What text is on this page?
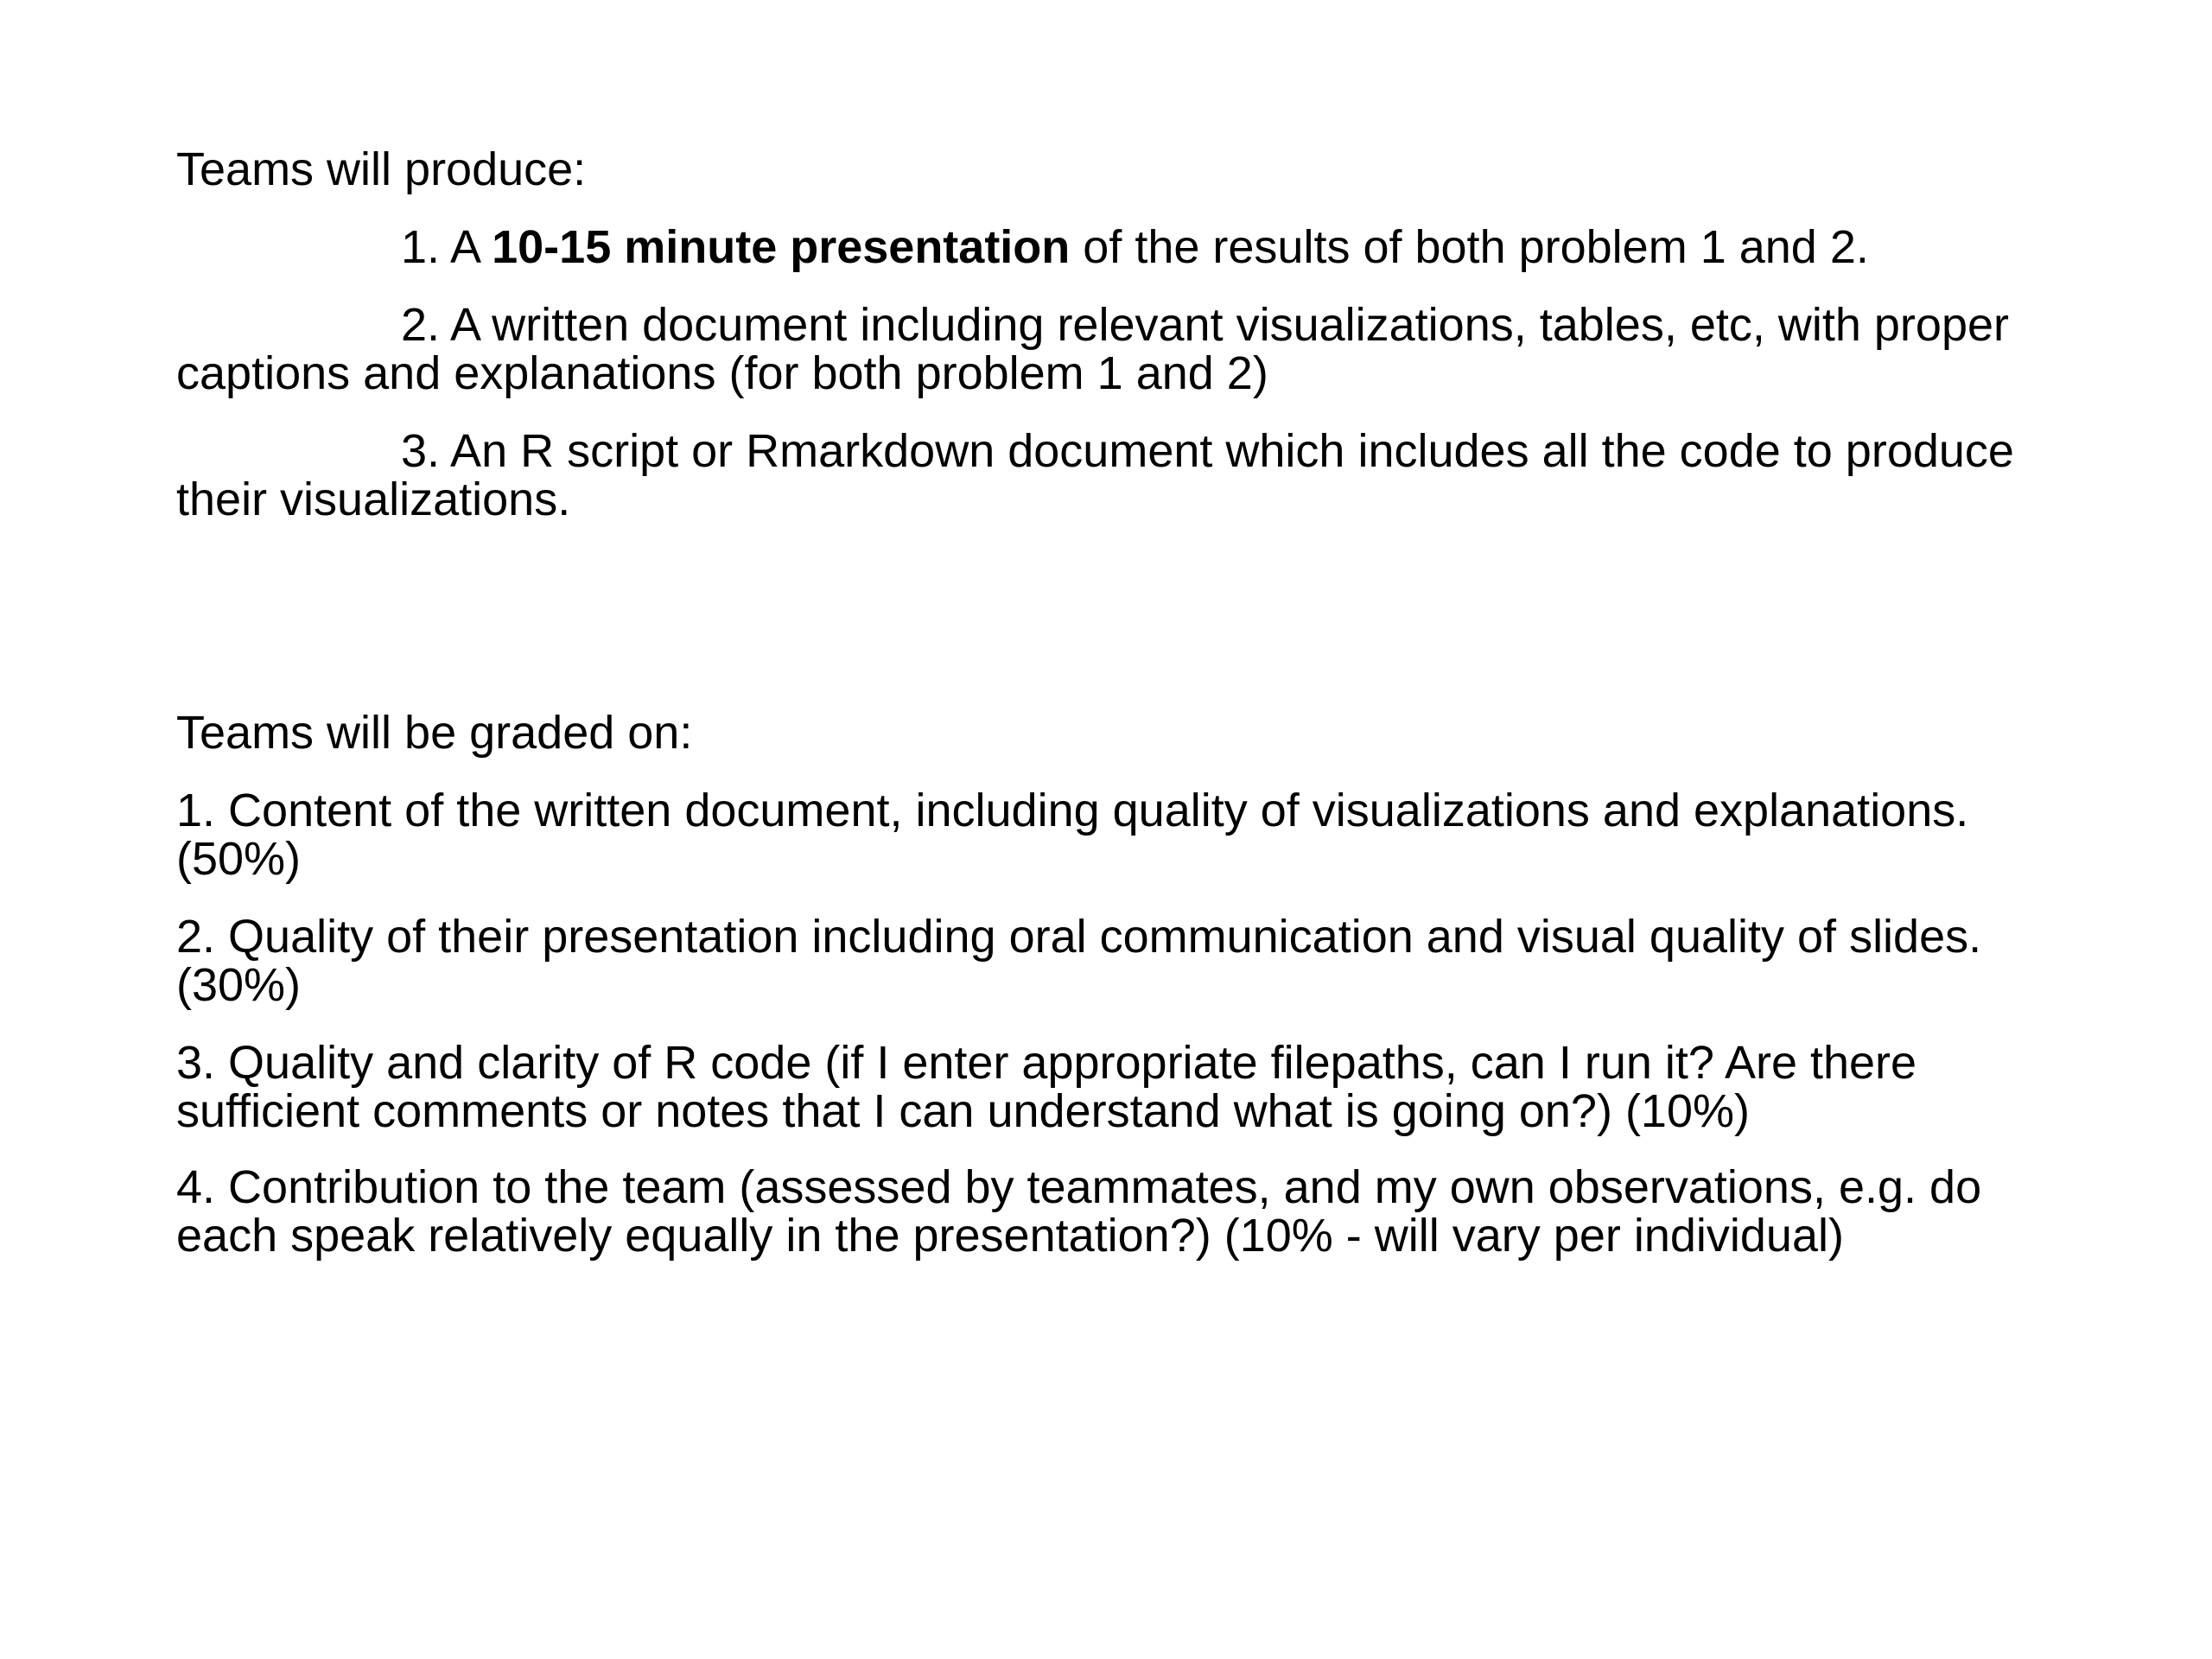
Teams will produce:
1. A 10-15 minute presentation of the results of both problem 1 and 2.
2. A written document including relevant visualizations, tables, etc, with proper captions and explanations (for both problem 1 and 2)
3. An R script or Rmarkdown document which includes all the code to produce their visualizations.
Teams will be graded on:
1. Content of the written document, including quality of visualizations and explanations. (50%)
2. Quality of their presentation including oral communication and visual quality of slides. (30%)
3. Quality and clarity of R code (if I enter appropriate filepaths, can I run it? Are there sufficient comments or notes that I can understand what is going on?) (10%)
4. Contribution to the team (assessed by teammates, and my own observations, e.g. do each speak relatively equally in the presentation?) (10% - will vary per individual)
